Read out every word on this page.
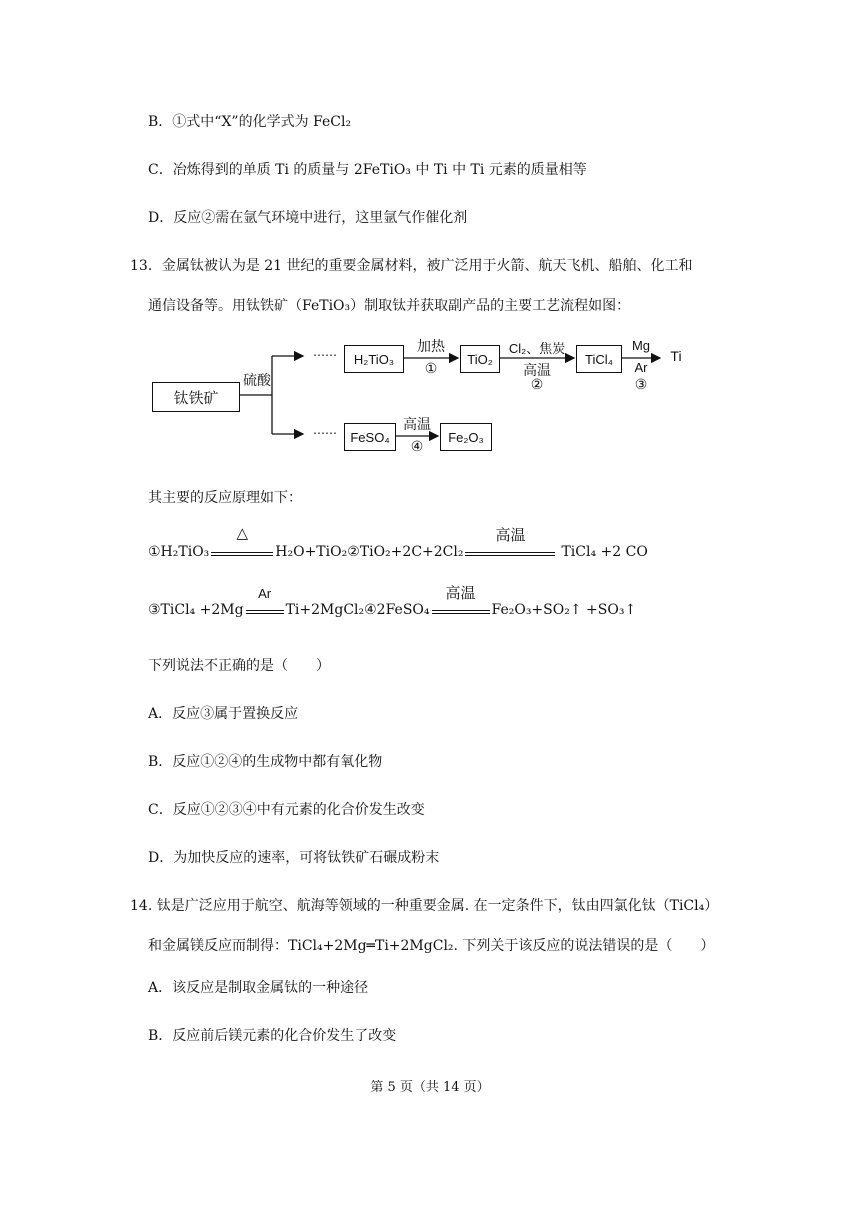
B．①式中“X”的化学式为 FeCl₂
C．冶炼得到的单质 Ti 的质量与 2FeTiO₃ 中 Ti 中 Ti 元素的质量相等
D．反应②需在氩气环境中进行，这里氩气作催化剂
13．金属钛被认为是 21 世纪的重要金属材料，被广泛用于火箭、航天飞机、船舶、化工和
通信设备等。用钛铁矿（FeTiO₃）制取钛并获取副产品的主要工艺流程如图：
钛铁矿
硫酸
⋯⋯	H₂TiO₃
加热
①
TiO₂
Cl₂、焦炭
高温
②
TiCl₄
Mg
Ar
③
Ti
⋯⋯	FeSO₄
高温
④
Fe₂O₃
其主要的反应原理如下：
①H₂TiO₃
△
H₂O+TiO₂②TiO₂+2C+2Cl₂
高温
TiCl₄ +2 CO
③TiCl₄ +2Mg
Ar
Ti+2MgCl₂④2FeSO₄
高温
Fe₂O₃+SO₂↑ +SO₃↑
下列说法不正确的是（　　）
A．反应③属于置换反应
B．反应①②④的生成物中都有氧化物
C．反应①②③④中有元素的化合价发生改变
D．为加快反应的速率，可将钛铁矿石碾成粉末
14. 钛是广泛应用于航空、航海等领域的一种重要金属. 在一定条件下，钛由四氯化钛（TiCl₄）
和金属镁反应而制得：TiCl₄+2Mg═Ti+2MgCl₂. 下列关于该反应的说法错误的是（　　）
A．该反应是制取金属钛的一种途径
B．反应前后镁元素的化合价发生了改变
第 5 页（共 14 页）
